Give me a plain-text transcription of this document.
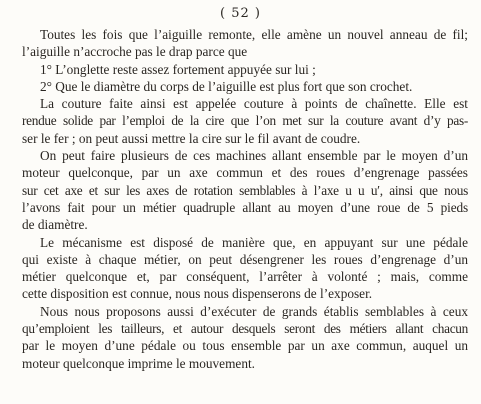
( 52 )
Toutes les fois que l’aiguille remonte, elle amène un nouvel anneau de fil;
l’aiguille n’accroche pas le drap parce que
1° L’onglette reste assez fortement appuyée sur lui ;
2° Que le diamètre du corps de l’aiguille est plus fort que son crochet.
La couture faite ainsi est appelée couture à points de chaînette. Elle est
rendue solide par l’emploi de la cire que l’on met sur la couture avant d’y pas-
ser le fer ; on peut aussi mettre la cire sur le fil avant de coudre.
On peut faire plusieurs de ces machines allant ensemble par le moyen d’un
moteur quelconque, par un axe commun et des roues d’engrenage passées
sur cet axe et sur les axes de rotation semblables à l’axe u u u′, ainsi que nous
l’avons fait pour un métier quadruple allant au moyen d’une roue de 5 pieds
de diamètre.
Le mécanisme est disposé de manière que, en appuyant sur une pédale
qui existe à chaque métier, on peut désengrener les roues d’engrenage d’un
métier quelconque et, par conséquent, l’arrêter à volonté ; mais, comme
cette disposition est connue, nous nous dispenserons de l’exposer.
Nous nous proposons aussi d’exécuter de grands établis semblables à ceux
qu’emploient les tailleurs, et autour desquels seront des métiers allant chacun
par le moyen d’une pédale ou tous ensemble par un axe commun, auquel un
moteur quelconque imprime le mouvement.
